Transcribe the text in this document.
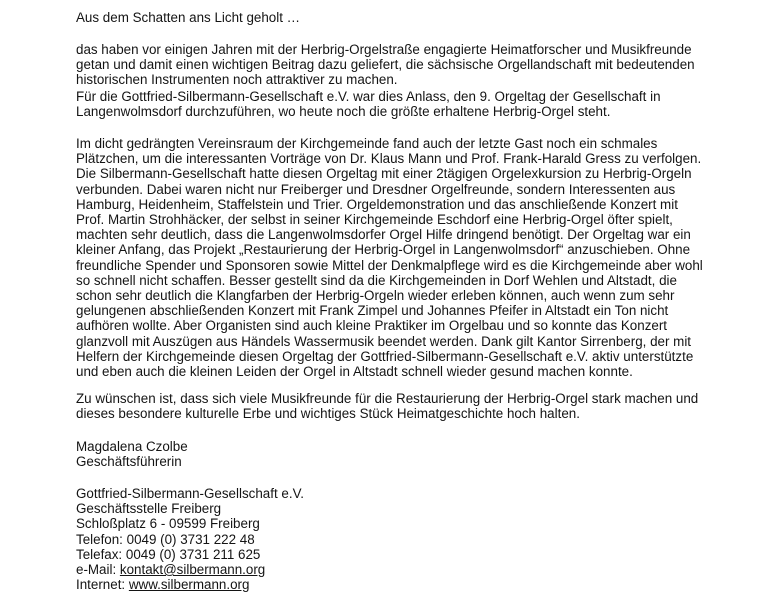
Aus dem Schatten ans Licht geholt …

das haben vor einigen Jahren mit der Herbrig-Orgelstraße engagierte Heimatforscher und Musikfreunde
getan und damit einen wichtigen Beitrag dazu geliefert, die sächsische Orgellandschaft mit bedeutenden
historischen Instrumenten noch attraktiver zu machen.

Für die Gottfried-Silbermann-Gesellschaft e.V. war dies Anlass, den 9. Orgeltag der Gesellschaft in
Langenwolmsdorf durchzuführen, wo heute noch die größte erhaltene Herbrig-Orgel steht.

Im dicht gedrängten Vereinsraum der Kirchgemeinde fand auch der letzte Gast noch ein schmales
Plätzchen, um die interessanten Vorträge von Dr. Klaus Mann und Prof. Frank-Harald Gress zu verfolgen.
Die Silbermann-Gesellschaft hatte diesen Orgeltag mit einer 2tägigen Orgelexkursion zu Herbrig-Orgeln
verbunden. Dabei waren nicht nur Freiberger und Dresdner Orgelfreunde, sondern Interessenten aus
Hamburg, Heidenheim, Staffelstein und Trier. Orgeldemonstration und das anschließende Konzert mit
Prof. Martin Strohhäcker, der selbst in seiner Kirchgemeinde Eschdorf eine Herbrig-Orgel öfter spielt,
machten sehr deutlich, dass die Langenwolmsdorfer Orgel Hilfe dringend benötigt. Der Orgeltag war ein
kleiner Anfang, das Projekt „Restaurierung der Herbrig-Orgel in Langenwolmsdorf“ anzuschieben. Ohne
freundliche Spender und Sponsoren sowie Mittel der Denkmalpflege wird es die Kirchgemeinde aber wohl
so schnell nicht schaffen. Besser gestellt sind da die Kirchgemeinden in Dorf Wehlen und Altstadt, die
schon sehr deutlich die Klangfarben der Herbrig-Orgeln wieder erleben können, auch wenn zum sehr
gelungenen abschließenden Konzert mit Frank Zimpel und Johannes Pfeifer in Altstadt ein Ton nicht
aufhören wollte. Aber Organisten sind auch kleine Praktiker im Orgelbau und so konnte das Konzert
glanzvoll mit Auszügen aus Händels Wassermusik beendet werden. Dank gilt Kantor Sirrenberg, der mit
Helfern der Kirchgemeinde diesen Orgeltag der Gottfried-Silbermann-Gesellschaft e.V. aktiv unterstützte
und eben auch die kleinen Leiden der Orgel in Altstadt schnell wieder gesund machen konnte.

Zu wünschen ist, dass sich viele Musikfreunde für die Restaurierung der Herbrig-Orgel stark machen und
dieses besondere kulturelle Erbe und wichtiges Stück Heimatgeschichte hoch halten.

Magdalena Czolbe
Geschäftsführerin

Gottfried-Silbermann-Gesellschaft e.V.
Geschäftsstelle Freiberg
Schloßplatz 6 - 09599 Freiberg
Telefon: 0049 (0) 3731 222 48
Telefax: 0049 (0) 3731 211 625
e-Mail: kontakt@silbermann.org
Internet: www.silbermann.org
